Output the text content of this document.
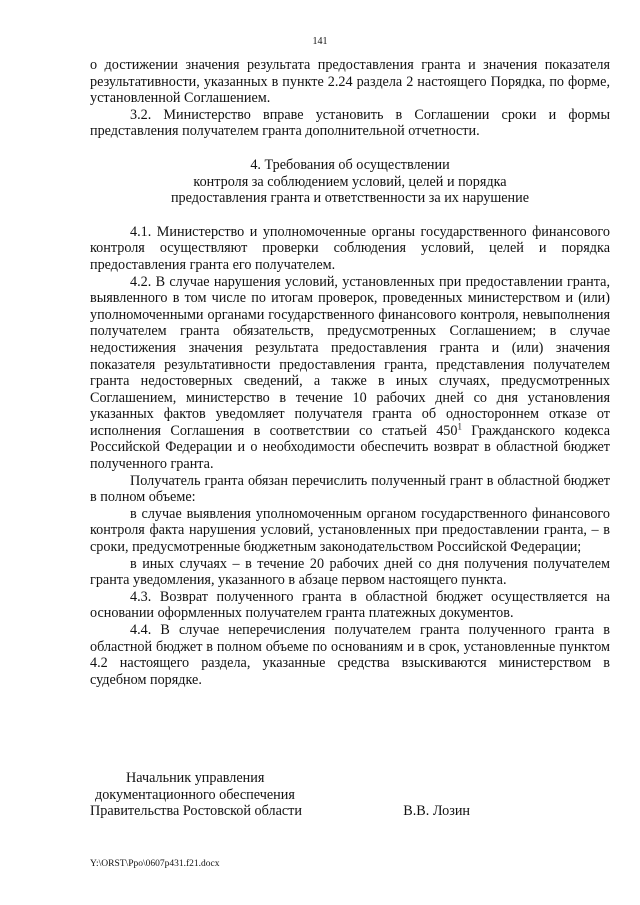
141

о достижении значения результата предоставления гранта и значения показателя результативности, указанных в пункте 2.24 раздела 2 настоящего Порядка, по форме, установленной Соглашением.

3.2. Министерство вправе установить в Соглашении сроки и формы представления получателем гранта дополнительной отчетности.

4. Требования об осуществлении
контроля за соблюдением условий, целей и порядка
предоставления гранта и ответственности за их нарушение

4.1. Министерство и уполномоченные органы государственного финансового контроля осуществляют проверки соблюдения условий, целей и порядка предоставления гранта его получателем.

4.2. В случае нарушения условий, установленных при предоставлении гранта, выявленного в том числе по итогам проверок, проведенных министерством и (или) уполномоченными органами государственного финансового контроля, невыполнения получателем гранта обязательств, предусмотренных Соглашением; в случае недостижения значения результата предоставления гранта и (или) значения показателя результативности предоставления гранта, представления получателем гранта недостоверных сведений, а также в иных случаях, предусмотренных Соглашением, министерство в течение 10 рабочих дней со дня установления указанных фактов уведомляет получателя гранта об одностороннем отказе от исполнения Соглашения в соответствии со статьей $450^1$ Гражданского кодекса Российской Федерации и о необходимости обеспечить возврат в областной бюджет полученного гранта.

Получатель гранта обязан перечислить полученный грант в областной бюджет в полном объеме:

в случае выявления уполномоченным органом государственного финансового контроля факта нарушения условий, установленных при предоставлении гранта, – в сроки, предусмотренные бюджетным законодательством Российской Федерации;

в иных случаях – в течение 20 рабочих дней со дня получения получателем гранта уведомления, указанного в абзаце первом настоящего пункта.

4.3. Возврат полученного гранта в областной бюджет осуществляется на основании оформленных получателем гранта платежных документов.

4.4. В случае неперечисления получателем гранта полученного гранта в областной бюджет в полном объеме по основаниям и в срок, установленные пунктом 4.2 настоящего раздела, указанные средства взыскиваются министерством в судебном порядке.

Начальник управления
документационного обеспечения
Правительства Ростовской области	В.В. Лозин
Y:\ORST\Ppo\0607p431.f21.docx
